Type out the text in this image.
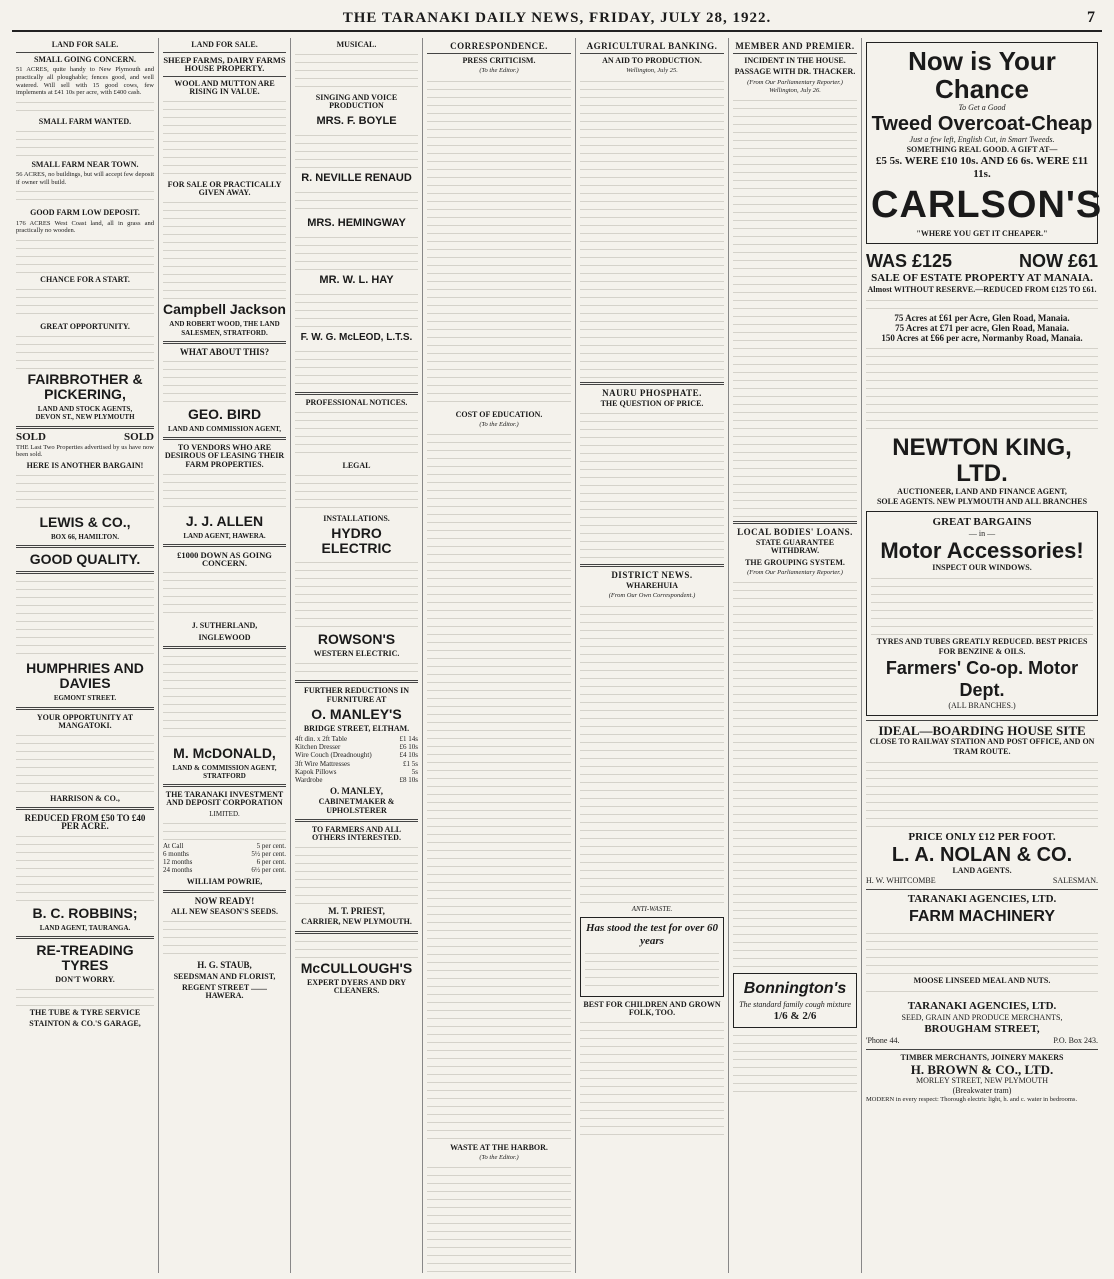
THE TARANAKI DAILY NEWS, FRIDAY, JULY 28, 1922.	7
LAND FOR SALE.
SMALL GOING CONCERN.
51 ACRES, quite handy to New Plymouth and practically all ploughable; fences good, and well watered. Will sell with 15 good cows, few implements at £41 10s per acre, with £400 cash.
SMALL FARM WANTED.
SMALL FARM NEAR TOWN.
56 ACRES, no buildings, but will accept few deposit if owner will build.
GOOD FARM LOW DEPOSIT.
176 ACRES West Coast land, all in grass and practically no wooden.
CHANCE FOR A START.
GREAT OPPORTUNITY.
FAIRBROTHER & PICKERING,
LAND AND STOCK AGENTS,
DEVON ST., NEW PLYMOUTH
SOLD	SOLD
THE Last Two Properties advertised by us have now been sold.
HERE IS ANOTHER BARGAIN!
LEWIS & CO.,
BOX 66, HAMILTON.
GOOD QUALITY.
HUMPHRIES AND DAVIES
EGMONT STREET.
YOUR OPPORTUNITY AT MANGATOKI.
HARRISON & CO.,
REDUCED FROM £50 TO £40 PER ACRE.
B. C. ROBBINS;
LAND AGENT, TAURANGA.
RE-TREADING TYRES
DON'T WORRY.
THE TUBE & TYRE SERVICE
STAINTON & CO.'S GARAGE,
LAND FOR SALE.
SHEEP FARMS, DAIRY FARMS HOUSE PROPERTY.
WOOL AND MUTTON ARE RISING IN VALUE.
FOR SALE OR PRACTICALLY GIVEN AWAY.
Campbell Jackson
AND ROBERT WOOD, THE LAND SALESMEN, STRATFORD.
WHAT ABOUT THIS?
GEO. BIRD
LAND AND COMMISSION AGENT,
TO VENDORS WHO ARE DESIROUS OF LEASING THEIR FARM PROPERTIES.
J. J. ALLEN
LAND AGENT, HAWERA.
£1000 DOWN AS GOING CONCERN.
J. SUTHERLAND,
INGLEWOOD
M. McDONALD,
LAND & COMMISSION AGENT, STRATFORD
THE TARANAKI INVESTMENT AND DEPOSIT CORPORATION
LIMITED.
At Call	5 per cent.
6 months	5½ per cent.
12 months	6 per cent.
24 months	6½ per cent.
WILLIAM POWRIE,
NOW READY!
ALL NEW SEASON'S SEEDS.
H. G. STAUB,
SEEDSMAN AND FLORIST,
REGENT STREET ........ HAWERA.
MUSICAL.
SINGING AND VOICE PRODUCTION
MRS. F. BOYLE
R. NEVILLE RENAUD
MRS. HEMINGWAY
MR. W. L. HAY
F. W. G. McLEOD, L.T.S.
PROFESSIONAL NOTICES.
LEGAL
INSTALLATIONS.
HYDRO ELECTRIC
ROWSON'S
WESTERN ELECTRIC.
FURTHER REDUCTIONS IN FURNITURE AT
O. MANLEY'S
BRIDGE STREET, ELTHAM.
4ft din. x 2ft Table	£1 14s
Kitchen Dresser	£6 10s
Wire Couch (Dreadnought)	£4 10s
3ft Wire Mattresses	£1 5s
Kapok Pillows	5s
Wardrobe	£8 10s
O. MANLEY,
CABINETMAKER & UPHOLSTERER
TO FARMERS AND ALL OTHERS INTERESTED.
M. T. PRIEST,
CARRIER, NEW PLYMOUTH.
McCULLOUGH'S
EXPERT DYERS AND DRY CLEANERS.
CORRESPONDENCE.
PRESS CRITICISM.
(To the Editor.)
COST OF EDUCATION.
(To the Editor.)
WASTE AT THE HARBOR.
(To the Editor.)
AGRICULTURAL BANKING.
AN AID TO PRODUCTION.
Wellington, July 25.
NAURU PHOSPHATE.
THE QUESTION OF PRICE.
DISTRICT NEWS.
WHAREHUIA
(From Our Own Correspondent.)
ANTI-WASTE.
Has stood the test for over 60 years
BEST FOR CHILDREN AND GROWN FOLK, TOO.
MEMBER AND PREMIER.
INCIDENT IN THE HOUSE.
PASSAGE WITH DR. THACKER.
(From Our Parliamentary Reporter.)
Wellington, July 26.
LOCAL BODIES' LOANS.
STATE GUARANTEE WITHDRAW.
THE GROUPING SYSTEM.
(From Our Parliamentary Reporter.)
Bonnington's
The standard family cough mixture
1/6 & 2/6
Now is Your Chance
To Get a Good
Tweed Overcoat-Cheap
Just a few left, English Cut, in Smart Tweeds.
SOMETHING REAL GOOD. A GIFT AT—
£5 5s. WERE £10 10s. AND £6 6s. WERE £11 11s.
CARLSON'S
"WHERE YOU GET IT CHEAPER."
WAS £125	NOW £61
SALE OF ESTATE PROPERTY AT MANAIA.
Almost WITHOUT RESERVE.—REDUCED FROM £125 TO £61.
75 Acres at £61 per Acre, Glen Road, Manaia.
75 Acres at £71 per acre, Glen Road, Manaia.
150 Acres at £66 per acre, Normanby Road, Manaia.
NEWTON KING, LTD.
AUCTIONEER, LAND AND FINANCE AGENT,
SOLE AGENTS. NEW PLYMOUTH AND ALL BRANCHES
GREAT BARGAINS
— in —
Motor Accessories!
INSPECT OUR WINDOWS.
TYRES AND TUBES GREATLY REDUCED. BEST PRICES FOR BENZINE & OILS.
Farmers' Co-op. Motor Dept.
(ALL BRANCHES.)
IDEAL—BOARDING HOUSE SITE
CLOSE TO RAILWAY STATION AND POST OFFICE, AND ON TRAM ROUTE.
PRICE ONLY £12 PER FOOT.
L. A. NOLAN & CO.
LAND AGENTS.
H. W. WHITCOMBE	SALESMAN.
TARANAKI AGENCIES, LTD.
FARM MACHINERY
MOOSE LINSEED MEAL AND NUTS.
TARANAKI AGENCIES, LTD.
SEED, GRAIN AND PRODUCE MERCHANTS,
BROUGHAM STREET,
'Phone 44.	P.O. Box 243.
TIMBER MERCHANTS, JOINERY MAKERS
H. BROWN & CO., LTD.
MORLEY STREET, NEW PLYMOUTH
(Breakwater tram)
MODERN in every respect: Thorough electric light, h. and c. water in bedrooms.
